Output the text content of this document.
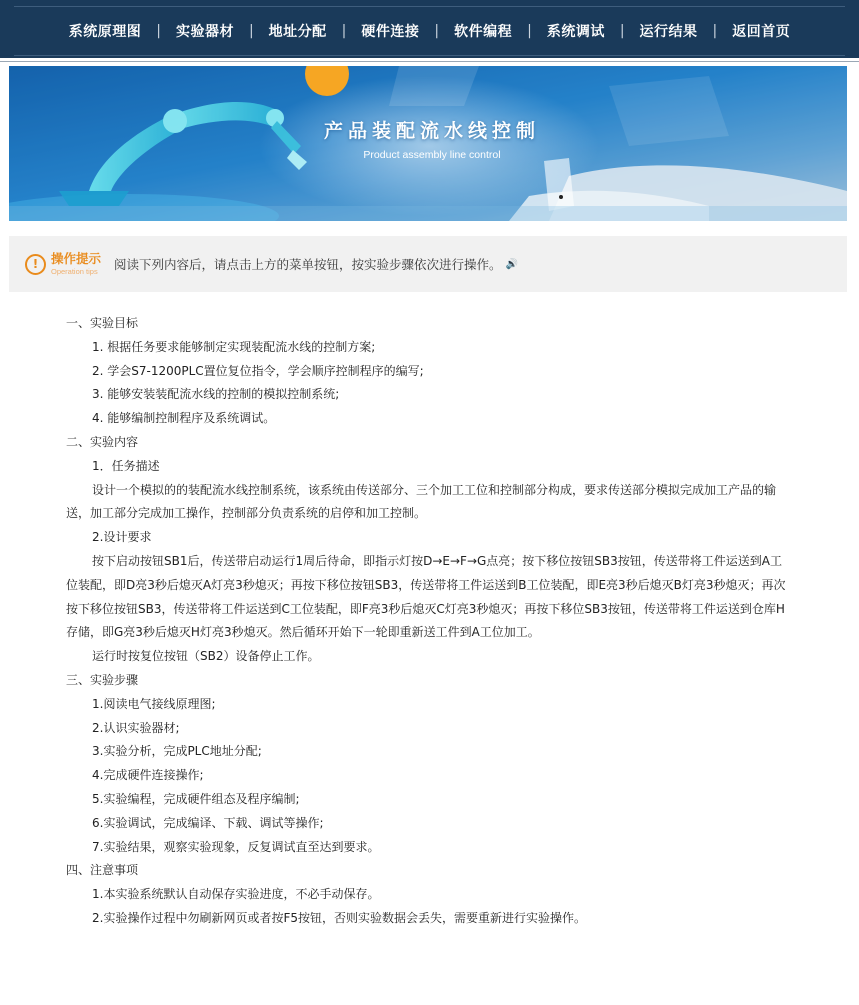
系统原理图	|	实验器材	|	地址分配	|	硬件连接	|	软件编程	|	系统调试	|	运行结果	|	返回首页
产品装配流水线控制
Product assembly line control
!	操作提示
Operation tips 阅读下列内容后，请点击上方的菜单按钮，按实验步骤依次进行操作。 🔊

一、实验目标

1. 根据任务要求能够制定实现装配流水线的控制方案;

2. 学会S7-1200PLC置位复位指令，学会顺序控制程序的编写;

3. 能够安装装配流水线的控制的模拟控制系统;

4. 能够编制控制程序及系统调试。

二、实验内容

1．任务描述

设计一个模拟的的装配流水线控制系统，该系统由传送部分、三个加工工位和控制部分构成，要求传送部分模拟完成加工产品的输送，加工部分完成加工操作，控制部分负责系统的启停和加工控制。

2.设计要求

按下启动按钮SB1后，传送带启动运行1周后待命，即指示灯按D→E→F→G点亮；按下移位按钮SB3按钮，传送带将工件运送到A工位装配，即D亮3秒后熄灭A灯亮3秒熄灭；再按下移位按钮SB3，传送带将工件运送到B工位装配，即E亮3秒后熄灭B灯亮3秒熄灭；再次按下移位按钮SB3，传送带将工件运送到C工位装配，即F亮3秒后熄灭C灯亮3秒熄灭；再按下移位SB3按钮，传送带将工件运送到仓库H存储，即G亮3秒后熄灭H灯亮3秒熄灭。然后循环开始下一轮即重新送工件到A工位加工。

运行时按复位按钮（SB2）设备停止工作。

三、实验步骤

1.阅读电气接线原理图;

2.认识实验器材;

3.实验分析，完成PLC地址分配;

4.完成硬件连接操作;

5.实验编程，完成硬件组态及程序编制;

6.实验调试，完成编译、下载、调试等操作;

7.实验结果，观察实验现象，反复调试直至达到要求。

四、注意事项

1.本实验系统默认自动保存实验进度，不必手动保存。

2.实验操作过程中勿刷新网页或者按F5按钮，否则实验数据会丢失，需要重新进行实验操作。
